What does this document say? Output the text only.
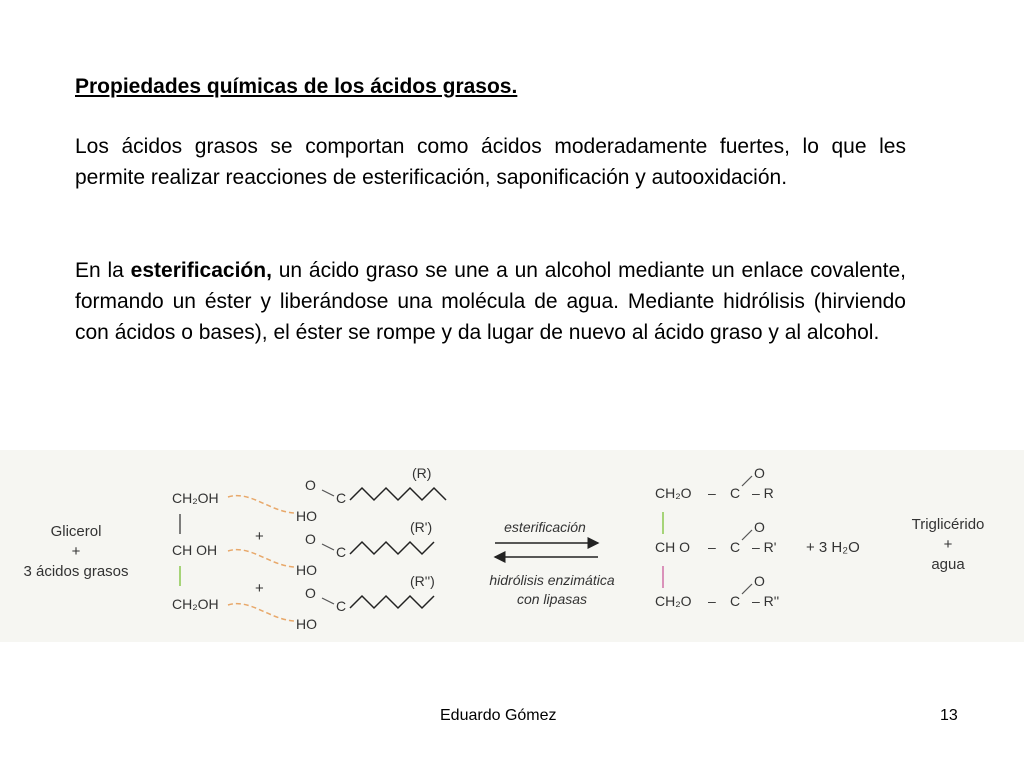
Propiedades químicas de los ácidos grasos.

Los ácidos grasos se comportan como ácidos moderadamente fuertes, lo que les permite realizar reacciones de esterificación, saponificación y autooxidación.

En la esterificación, un ácido graso se une a un alcohol mediante un enlace covalente, formando un éster y liberándose una molécula de agua. Mediante hidrólisis (hirviendo con ácidos o bases), el éster se rompe y da lugar de nuevo al ácido graso y al alcohol.

Glicerol
+
3 ácidos grasos
CH₂OH
CH OH
CH₂OH
+
+
O
C
HO
(R)
O
C
HO
(R')
O
C
HO
(R'')
esterificación
hidrólisis enzimática
con lipasas
CH₂O – C – R
O
CH O – C – R'
O
CH₂O – C – R''
O
+ 3 H₂O
Triglicérido
+
agua

Eduardo Gómez	13
